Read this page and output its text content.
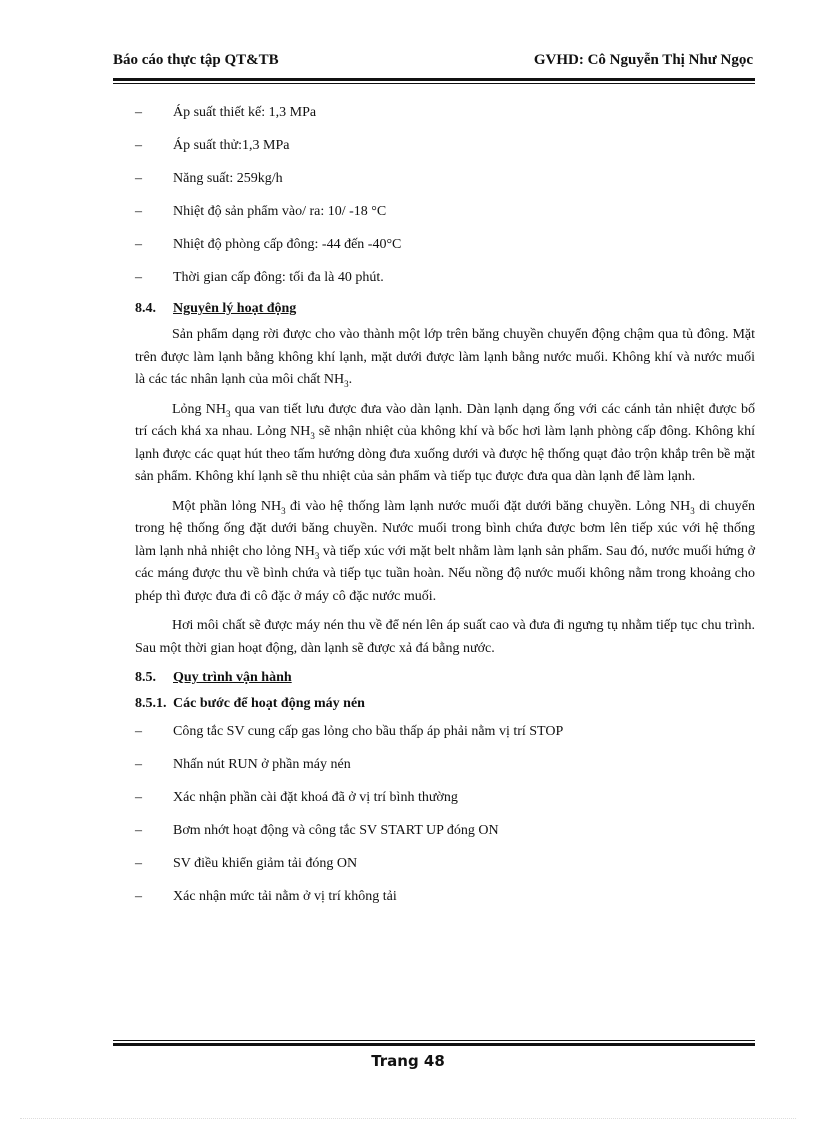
Báo cáo thực tập QT&TB	GVHD: Cô Nguyễn Thị Như Ngọc
–	Áp suất thiết kế: 1,3 MPa
–	Áp suất thử:1,3 MPa
–	Năng suất: 259kg/h
–	Nhiệt độ sản phẩm vào/ ra: 10/ -18 °C
–	Nhiệt độ phòng cấp đông: -44 đến -40°C
–	Thời gian cấp đông: tối đa là 40 phút.
8.4. Nguyên lý hoạt động

Sản phẩm dạng rời được cho vào thành một lớp trên băng chuyền chuyển động chậm qua tủ đông. Mặt trên được làm lạnh bằng không khí lạnh, mặt dưới được làm lạnh bằng nước muối. Không khí và nước muối là các tác nhân lạnh của môi chất $NH_3$.

Lỏng $NH_3$ qua van tiết lưu được đưa vào dàn lạnh. Dàn lạnh dạng ống với các cánh tản nhiệt được bố trí cách khá xa nhau. Lỏng $NH_3$ sẽ nhận nhiệt của không khí và bốc hơi làm lạnh phòng cấp đông. Không khí lạnh được các quạt hút theo tấm hướng dòng đưa xuống dưới và được hệ thống quạt đảo trộn khắp trên bề mặt sản phẩm. Không khí lạnh sẽ thu nhiệt của sản phẩm và tiếp tục được đưa qua dàn lạnh để làm lạnh.

Một phần lỏng $NH_3$ đi vào hệ thống làm lạnh nước muối đặt dưới băng chuyền. Lỏng $NH_3$ di chuyển trong hệ thống ống đặt dưới băng chuyền. Nước muối trong bình chứa được bơm lên tiếp xúc với hệ thống làm lạnh nhả nhiệt cho lỏng $NH_3$ và tiếp xúc với mặt belt nhằm làm lạnh sản phẩm. Sau đó, nước muối hứng ở các máng được thu về bình chứa và tiếp tục tuần hoàn. Nếu nồng độ nước muối không nằm trong khoảng cho phép thì được đưa đi cô đặc ở máy cô đặc nước muối.

Hơi môi chất sẽ được máy nén thu về để nén lên áp suất cao và đưa đi ngưng tụ nhằm tiếp tục chu trình. Sau một thời gian hoạt động, dàn lạnh sẽ được xả đá bằng nước.

8.5. Quy trình vận hành
8.5.1. Các bước để hoạt động máy nén
–	Công tắc SV cung cấp gas lỏng cho bầu thấp áp phải nằm vị trí STOP
–	Nhấn nút RUN ở phần máy nén
–	Xác nhận phần cài đặt khoá đã ở vị trí bình thường
–	Bơm nhớt hoạt động và công tắc SV START UP đóng ON
–	SV điều khiển giảm tải đóng ON
–	Xác nhận mức tải nằm ở vị trí không tải
Trang 48
